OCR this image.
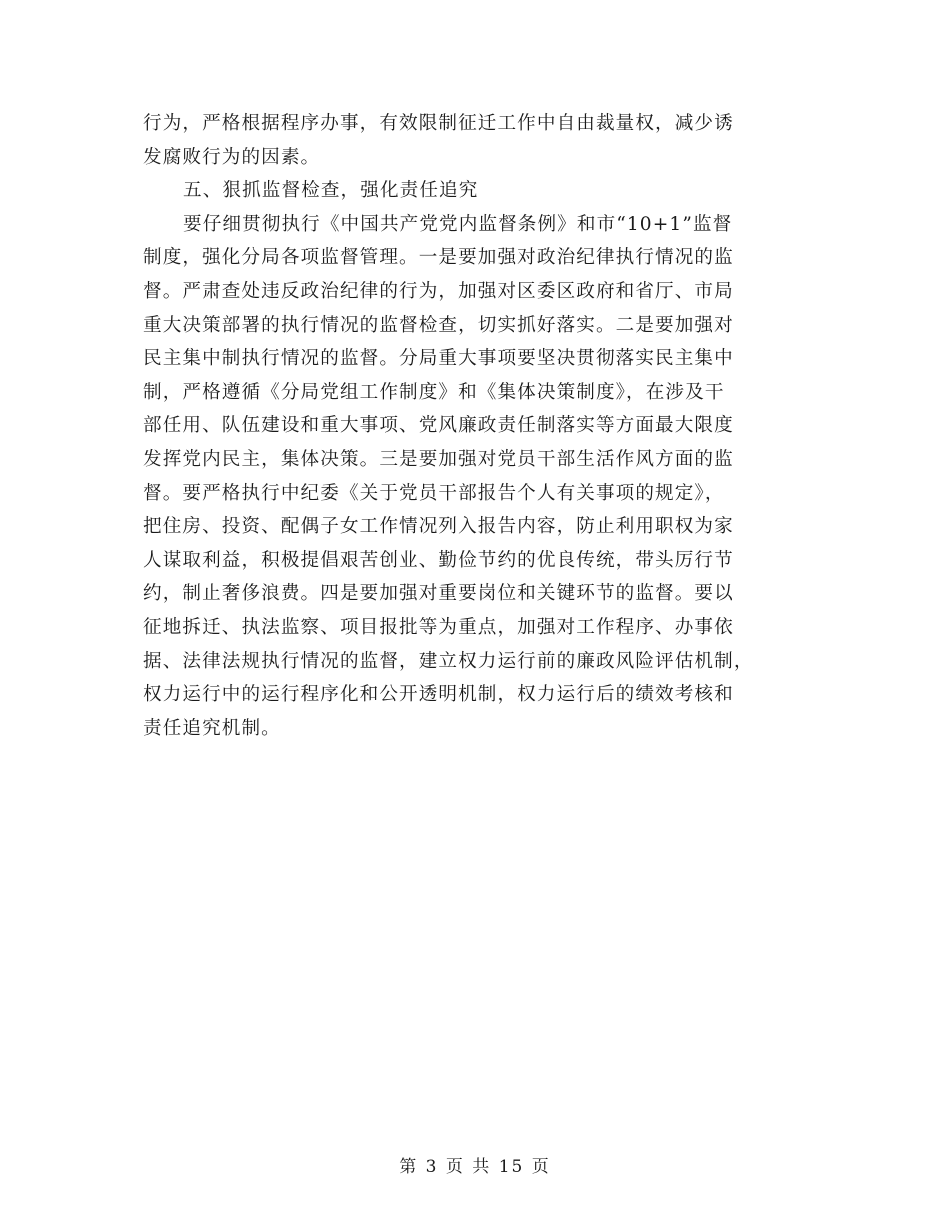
行为，严格根据程序办事，有效限制征迁工作中自由裁量权，减少诱
发腐败行为的因素。
五、狠抓监督检查，强化责任追究
要仔细贯彻执行《中国共产党党内监督条例》和市“10+1”监督
制度，强化分局各项监督管理。一是要加强对政治纪律执行情况的监
督。严肃查处违反政治纪律的行为，加强对区委区政府和省厅、市局
重大决策部署的执行情况的监督检查，切实抓好落实。二是要加强对
民主集中制执行情况的监督。分局重大事项要坚决贯彻落实民主集中
制，严格遵循《分局党组工作制度》和《集体决策制度》，在涉及干
部任用、队伍建设和重大事项、党风廉政责任制落实等方面最大限度
发挥党内民主，集体决策。三是要加强对党员干部生活作风方面的监
督。要严格执行中纪委《关于党员干部报告个人有关事项的规定》，
把住房、投资、配偶子女工作情况列入报告内容，防止利用职权为家
人谋取利益，积极提倡艰苦创业、勤俭节约的优良传统，带头厉行节
约，制止奢侈浪费。四是要加强对重要岗位和关键环节的监督。要以
征地拆迁、执法监察、项目报批等为重点，加强对工作程序、办事依
据、法律法规执行情况的监督，建立权力运行前的廉政风险评估机制，
权力运行中的运行程序化和公开透明机制，权力运行后的绩效考核和
责任追究机制。
第 3 页 共 15 页
